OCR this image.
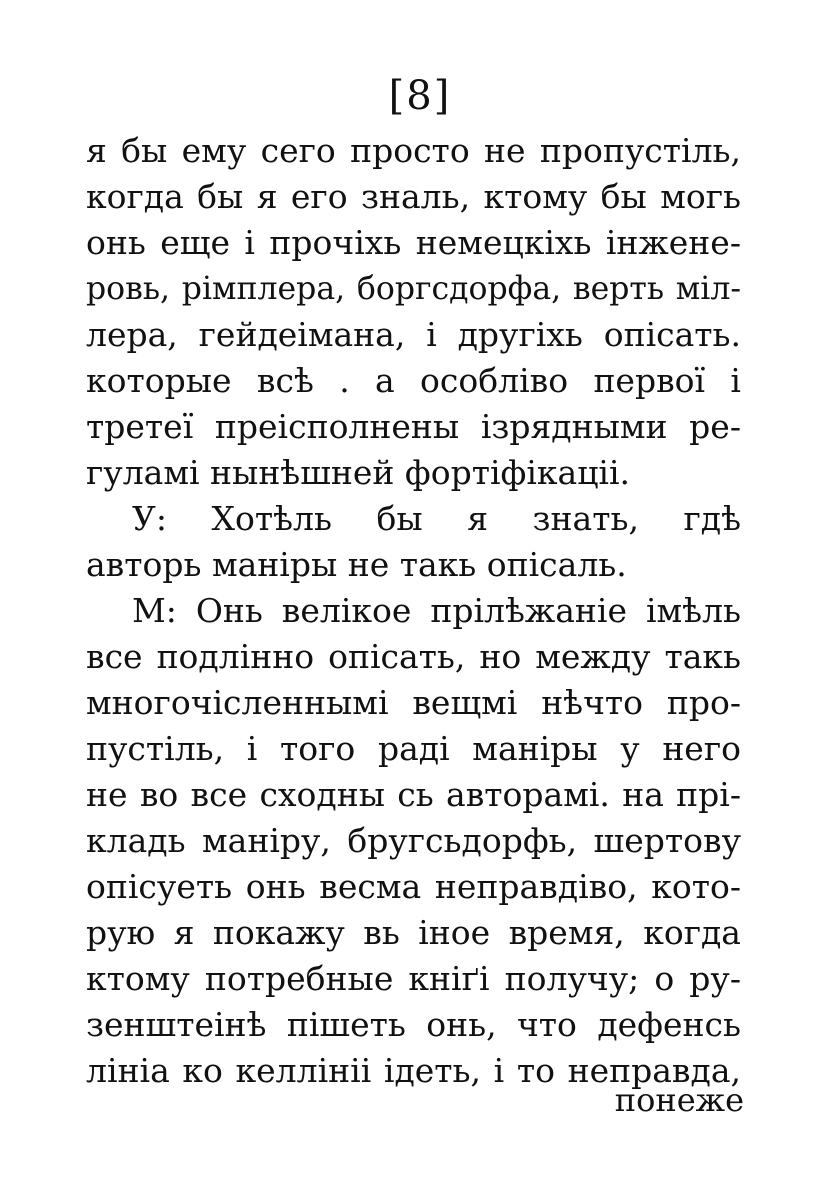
[8]
я бы ему сего просто не пропустіль,
когда бы я его зналь, ктому бы могь
онь еще і прочіхь немецкіхь інжене-
ровь, рімплера, боргсдорфа, верть міл-
лера, гейдеімана, і другіхь опісать.
которые всѣ . а особліво первої і
третеї преісполнены ізрядными ре-
гуламі нынѣшней фортіфікаціі.
У: Хотѣль бы я знать, гдѣ
авторь маніры не такь опісаль.
М: Онь велікое прілѣжаніе імѣль
все подлінно опісать, но между такь
многочісленнымі вещмі нѣчто про-
пустіль, і того раді маніры у него
не во все сходны сь авторамі. на прі-
кладь маніру, бругсьдорфь, шертову
опісуеть онь весма неправдіво, кото-
рую я покажу вь іное время, когда
ктому потребные кніґі получу; о ру-
зенштеінѣ пішеть онь, что дефенсь
лініа ко келлініі ідеть, і то неправда,
понеже
